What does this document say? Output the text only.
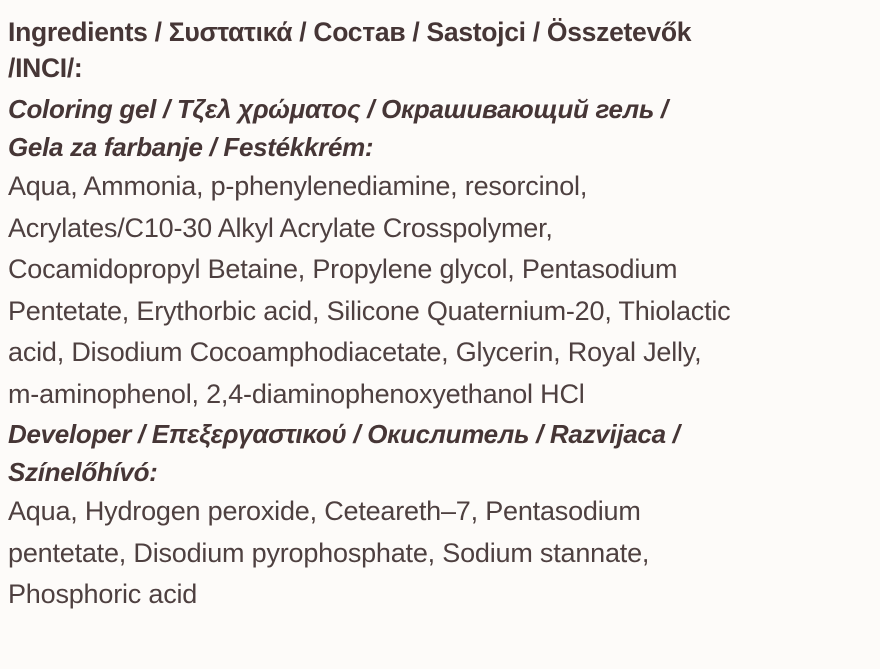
Ingredients / Συστατικά / Состав / Sastojci / Összetevők
/INCI/:
Coloring gel / Τζελ χρώματος / Окрашивающий гель /
Gela za farbanje / Festékkrém:
Aqua, Ammonia, p-phenylenediamine, resorcinol,
Acrylates/C10-30 Alkyl Acrylate Crosspolymer,
Cocamidopropyl Betaine, Propylene glycol, Pentasodium
Pentetate, Erythorbic acid, Silicone Quaternium-20, Thiolactic
acid, Disodium Cocoamphodiacetate, Glycerin, Royal Jelly,
m-aminophenol, 2,4-diaminophenoxyethanol HCl
Developer / Επεξεργαστικού / Окислитель / Razvijaca /
Színelőhívó:
Aqua, Hydrogen peroxide, Ceteareth–7, Pentasodium
pentetate, Disodium pyrophosphate, Sodium stannate,
Phosphoric acid
